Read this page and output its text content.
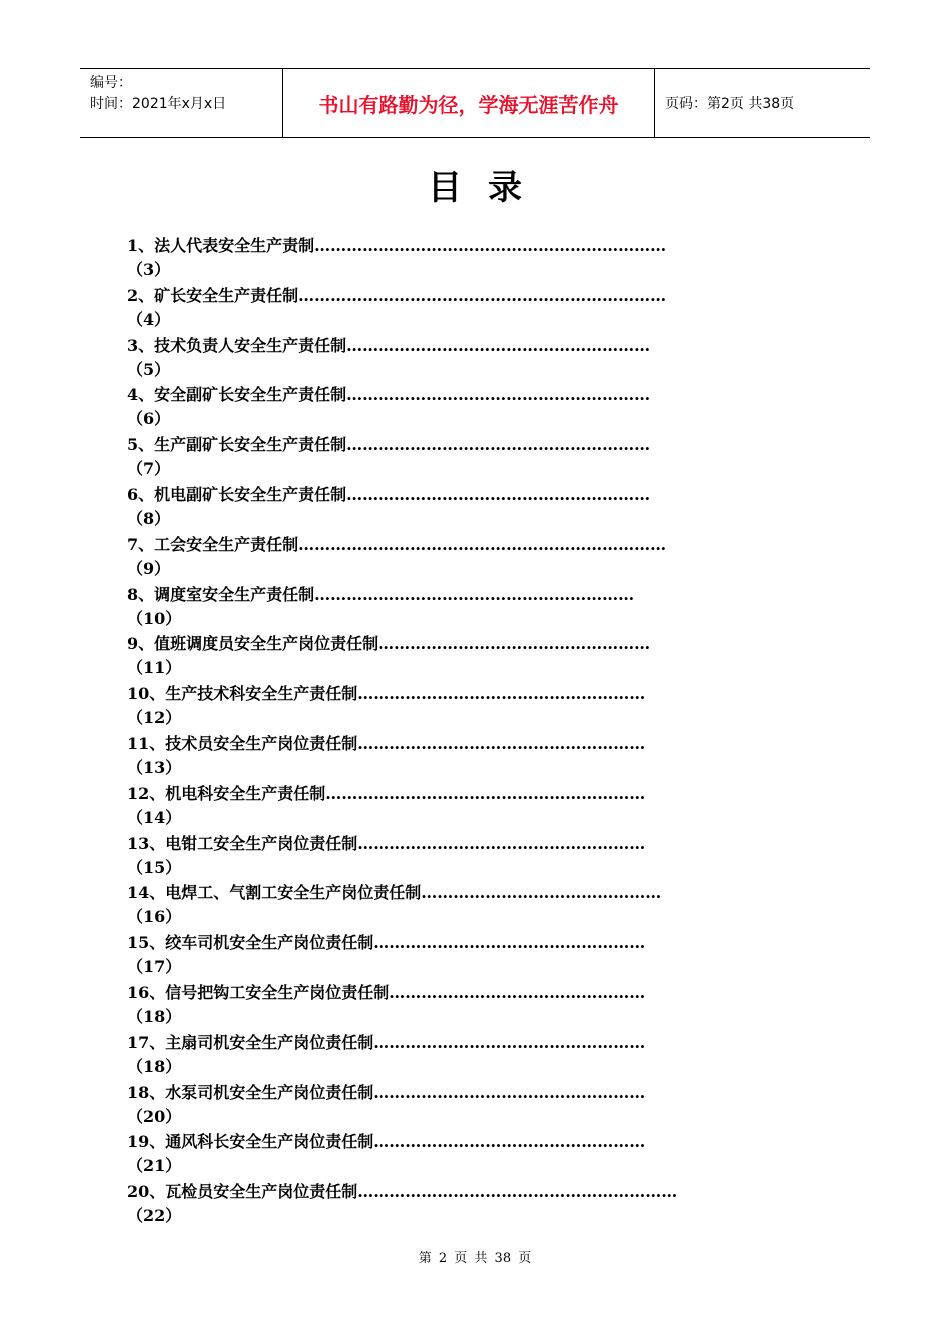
编号：
时间：2021年x月x日	书山有路勤为径，学海无涯苦作舟	页码：第2页 共38页
目录
1、法人代表安全生产责制 …………………………………………………………
（3）
2、矿长安全生产责任制 ……………………………………………………………
（4）
3、技术负责人安全生产责任制 …………………………………………………
（5）
4、安全副矿长安全生产责任制 …………………………………………………
（6）
5、生产副矿长安全生产责任制 …………………………………………………
（7）
6、机电副矿长安全生产责任制 …………………………………………………
（8）
7、工会安全生产责任制 ……………………………………………………………
（9）
8、调度室安全生产责任制 ……………………………………………………
（10）
9、值班调度员安全生产岗位责任制 ……………………………………………
（11）
10、生产技术科安全生产责任制 ………………………………………………
（12）
11、技术员安全生产岗位责任制 ………………………………………………
（13）
12、机电科安全生产责任制 ……………………………………………………
（14）
13、电钳工安全生产岗位责任制 ………………………………………………
（15）
14、电焊工、气割工安全生产岗位责任制 ………………………………………
（16）
15、绞车司机安全生产岗位责任制 ……………………………………………
（17）
16、信号把钩工安全生产岗位责任制 …………………………………………
（18）
17、主扇司机安全生产岗位责任制 ……………………………………………
（18）
18、水泵司机安全生产岗位责任制 ……………………………………………
（20）
19、通风科长安全生产岗位责任制 ……………………………………………
（21）
20、瓦检员安全生产岗位责任制 ……………………………………………………
（22）
第 2 页 共 38 页
